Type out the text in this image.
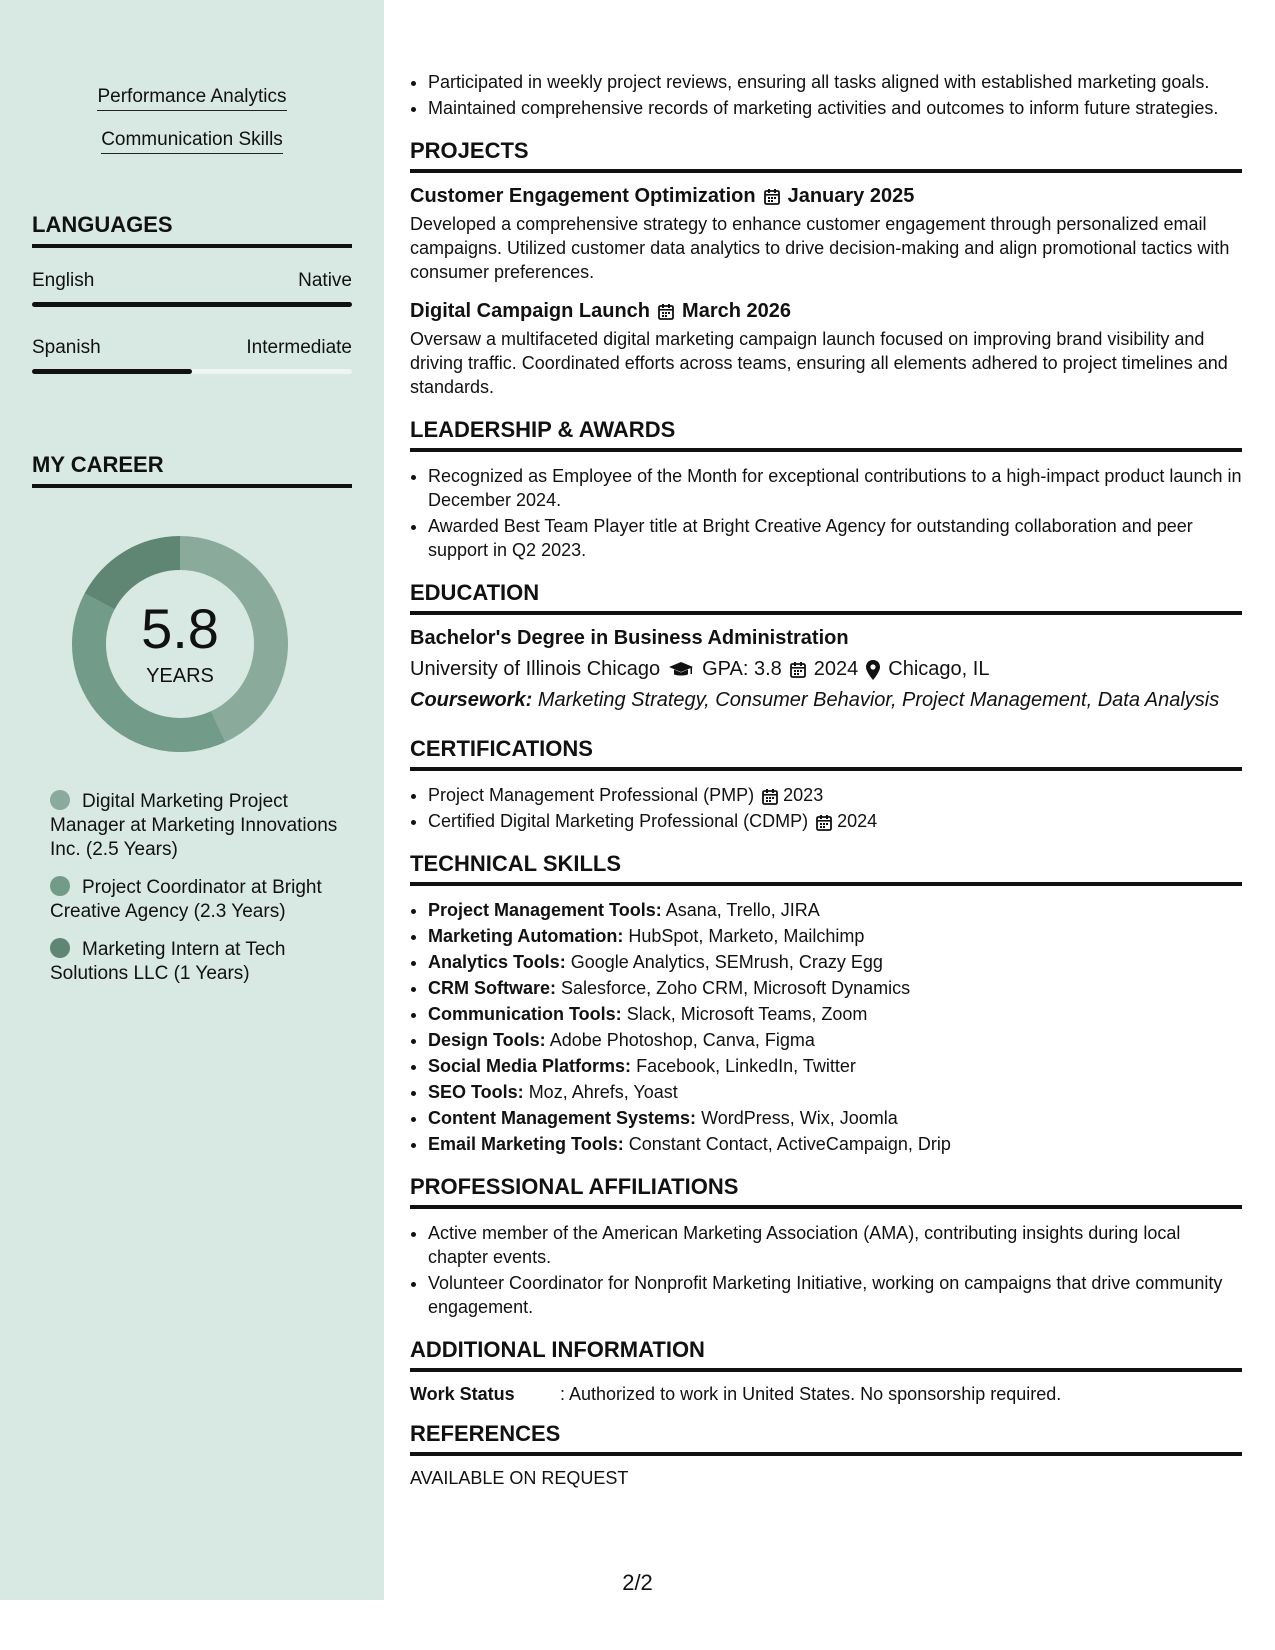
Performance Analytics
Communication Skills
LANGUAGES
English	Native
Spanish	Intermediate
MY CAREER
5.8
YEARS
Digital Marketing Project Manager at Marketing Innovations Inc. (2.5 Years)
Project Coordinator at Bright Creative Agency (2.3 Years)
Marketing Intern at Tech Solutions LLC (1 Years)
• Participated in weekly project reviews, ensuring all tasks aligned with established marketing goals.
• Maintained comprehensive records of marketing activities and outcomes to inform future strategies.
PROJECTS
Customer Engagement Optimization January 2025

Developed a comprehensive strategy to enhance customer engagement through personalized email campaigns. Utilized customer data analytics to drive decision-making and align promotional tactics with consumer preferences.

Digital Campaign Launch March 2026

Oversaw a multifaceted digital marketing campaign launch focused on improving brand visibility and driving traffic. Coordinated efforts across teams, ensuring all elements adhered to project timelines and standards.

LEADERSHIP & AWARDS
• Recognized as Employee of the Month for exceptional contributions to a high-impact product launch in December 2024.
• Awarded Best Team Player title at Bright Creative Agency for outstanding collaboration and peer support in Q2 2023.
EDUCATION
Bachelor's Degree in Business Administration
University of Illinois Chicago GPA: 3.8 2024 Chicago, IL
Coursework: Marketing Strategy, Consumer Behavior, Project Management, Data Analysis
CERTIFICATIONS
• Project Management Professional (PMP) 2023
• Certified Digital Marketing Professional (CDMP) 2024
TECHNICAL SKILLS
• Project Management Tools: Asana, Trello, JIRA
• Marketing Automation: HubSpot, Marketo, Mailchimp
• Analytics Tools: Google Analytics, SEMrush, Crazy Egg
• CRM Software: Salesforce, Zoho CRM, Microsoft Dynamics
• Communication Tools: Slack, Microsoft Teams, Zoom
• Design Tools: Adobe Photoshop, Canva, Figma
• Social Media Platforms: Facebook, LinkedIn, Twitter
• SEO Tools: Moz, Ahrefs, Yoast
• Content Management Systems: WordPress, Wix, Joomla
• Email Marketing Tools: Constant Contact, ActiveCampaign, Drip
PROFESSIONAL AFFILIATIONS
• Active member of the American Marketing Association (AMA), contributing insights during local chapter events.
• Volunteer Coordinator for Nonprofit Marketing Initiative, working on campaigns that drive community engagement.
ADDITIONAL INFORMATION
Work Status	: Authorized to work in United States. No sponsorship required.
REFERENCES
AVAILABLE ON REQUEST
2/2
